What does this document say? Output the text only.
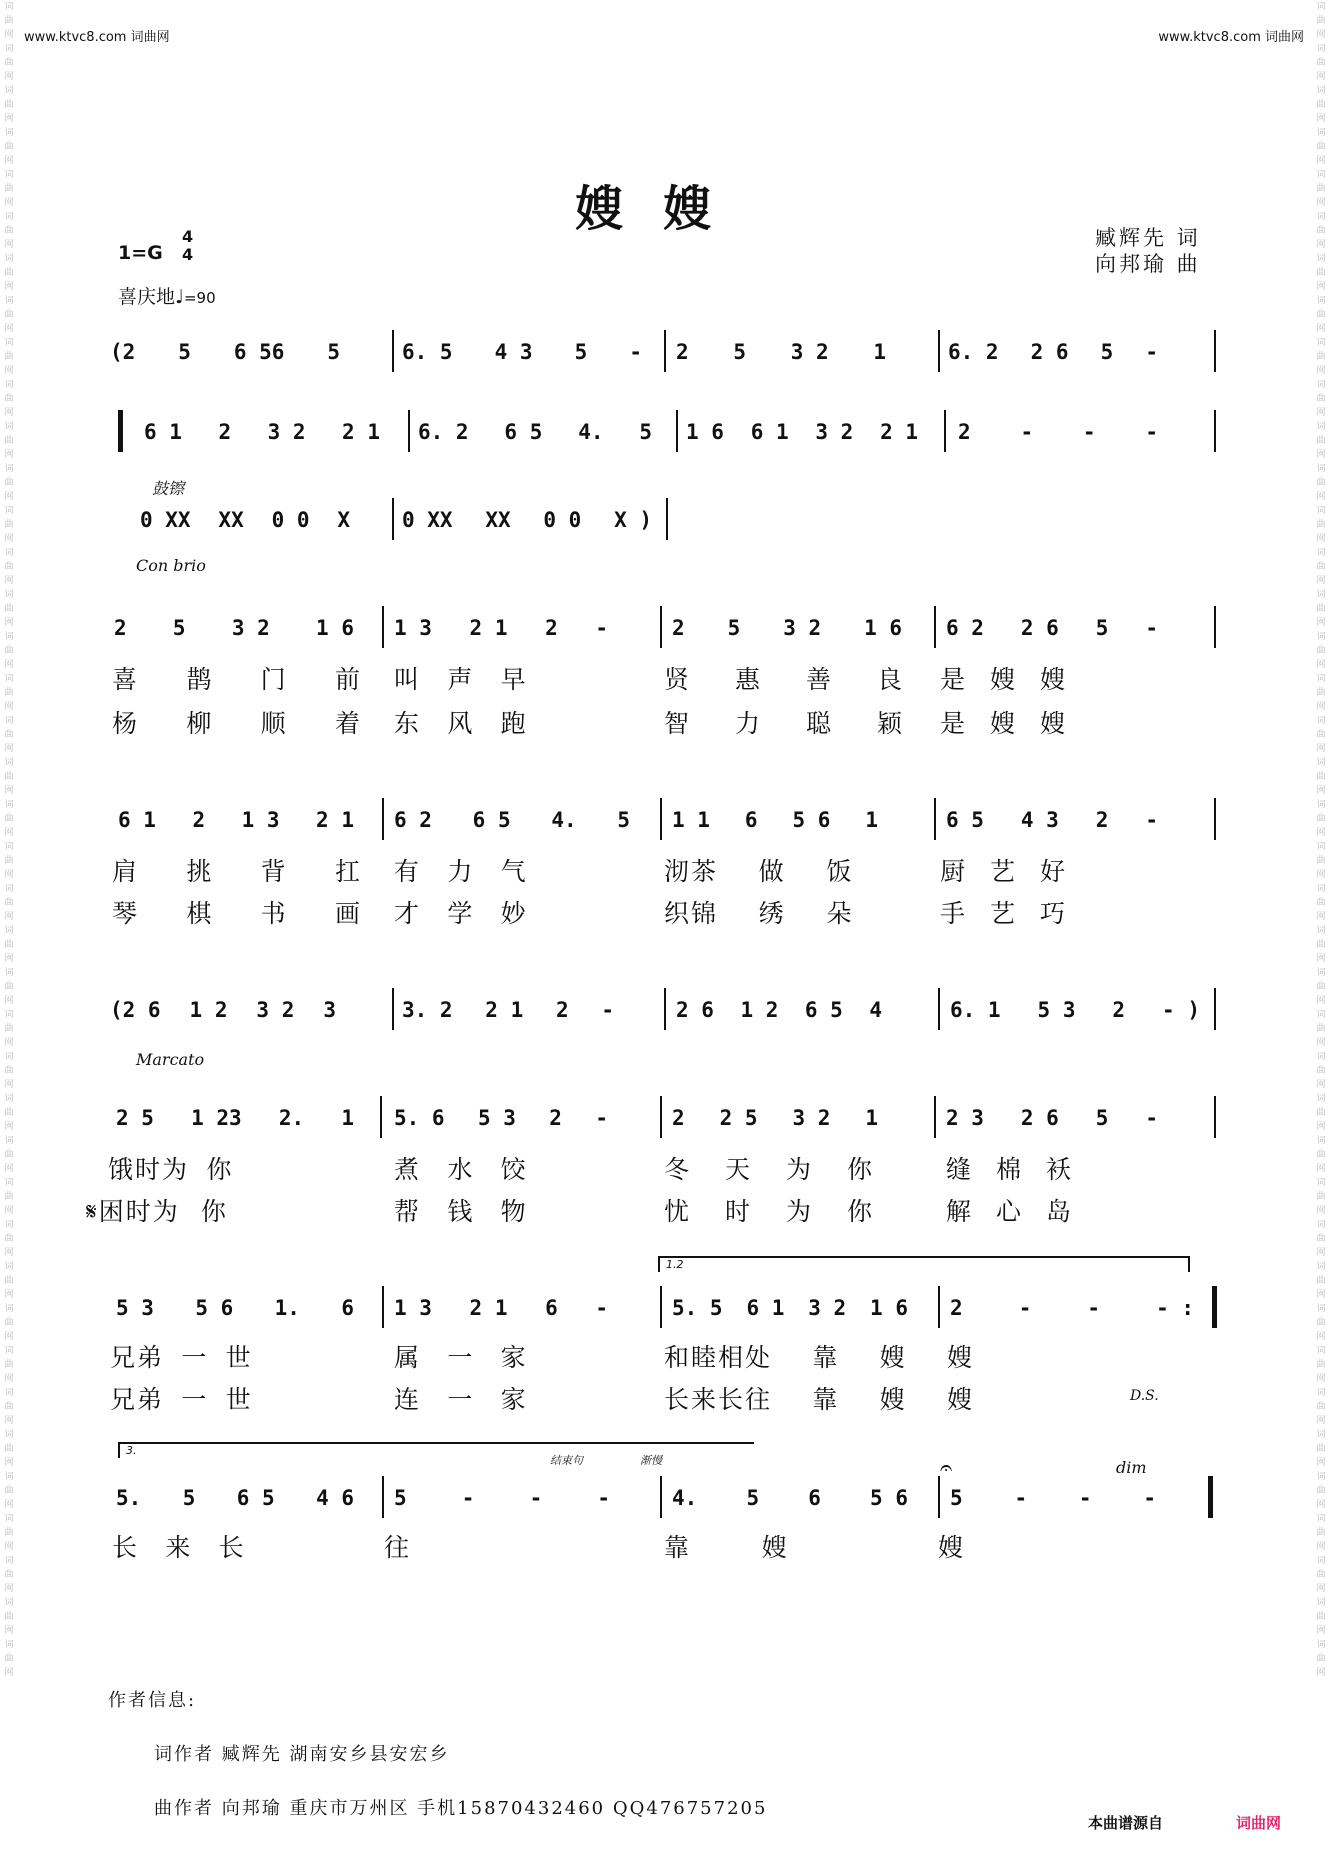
词曲网词曲网词曲网词曲网词曲网词曲网词曲网词曲网词曲网词曲网词曲网词曲网词曲网词曲网词曲网词曲网词曲网词曲网词曲网词曲网词曲网词曲网词曲网词曲网词曲网词曲网词曲网词曲网词曲网词曲网词曲网词曲网词曲网词曲网词曲网词曲网词曲网词曲网词曲网词曲网
词曲网词曲网词曲网词曲网词曲网词曲网词曲网词曲网词曲网词曲网词曲网词曲网词曲网词曲网词曲网词曲网词曲网词曲网词曲网词曲网词曲网词曲网词曲网词曲网词曲网词曲网词曲网词曲网词曲网词曲网词曲网词曲网词曲网词曲网词曲网词曲网词曲网词曲网词曲网词曲网
www.ktvc8.com 词曲网	www.ktvc8.com 词曲网
嫂嫂
臧辉先 词
向邦瑜 曲
1=G
4
4
喜庆地♩=90
(2 5 6 56 5	6. 5 4 3 5 - 2 5 3 2 1	6. 2 2 6 5 -
6 1 2 3 2 2 1 6. 2 6 5 4. 5 1 6 6 1 3 2 2 1 2 - - -
鼓镲
0 XX XX 0 0 X 0 XX XX 0 0 X )
Con brio
2 5 3 2 1 6 1 3 2 1 2 -	2 5 3 2 1 6 6 2 2 6 5 -
喜 鹊 门 前 叫 声 早	贤 惠 善 良 是 嫂 嫂
杨 柳 顺 着 东 风 跑	智 力 聪 颖 是 嫂 嫂
6 1 2 1 3 2 1 6 2 6 5 4. 5 1 1 6 5 6 1	6 5 4 3 2 -
肩 挑 背 扛 有 力 气	沏茶 做 饭	厨 艺 好
琴 棋 书 画 才 学 妙	织锦 绣 朵	手 艺 巧
(2 6 1 2 3 2 3	3. 2 2 1 2 -	2 6 1 2 6 5 4	6. 1 5 3 2 - )
Marcato
2 5 1 23 2. 1 5. 6 5 3 2 -	2 2 5 3 2 1	2 3 2 6 5 -
饿时为 你	煮 水 饺	冬 天 为 你	缝 棉 袄
𝄋困时为 你	帮 钱 物	忧 时 为 你	解 心 岛
1.2
5 3 5 6 1. 6 1 3 2 1 6 -	5. 5 6 1 3 2 1 6 2	-	-	- :
兄弟 一 世	属 一 家	和睦相处 靠 嫂 嫂
兄弟 一 世	连 一 家	长来长往 靠 嫂 嫂	D.S.
3.
结束句	渐慢	dim
𝄐
5. 5 6 5 4 6 5	-	-	-	4. 5 6 5 6 5 - - -
长 来 长	往	靠	嫂	嫂
作者信息:
词作者 臧辉先 湖南安乡县安宏乡
曲作者 向邦瑜 重庆市万州区 手机15870432460 QQ476757205
本曲谱源自	词曲网
